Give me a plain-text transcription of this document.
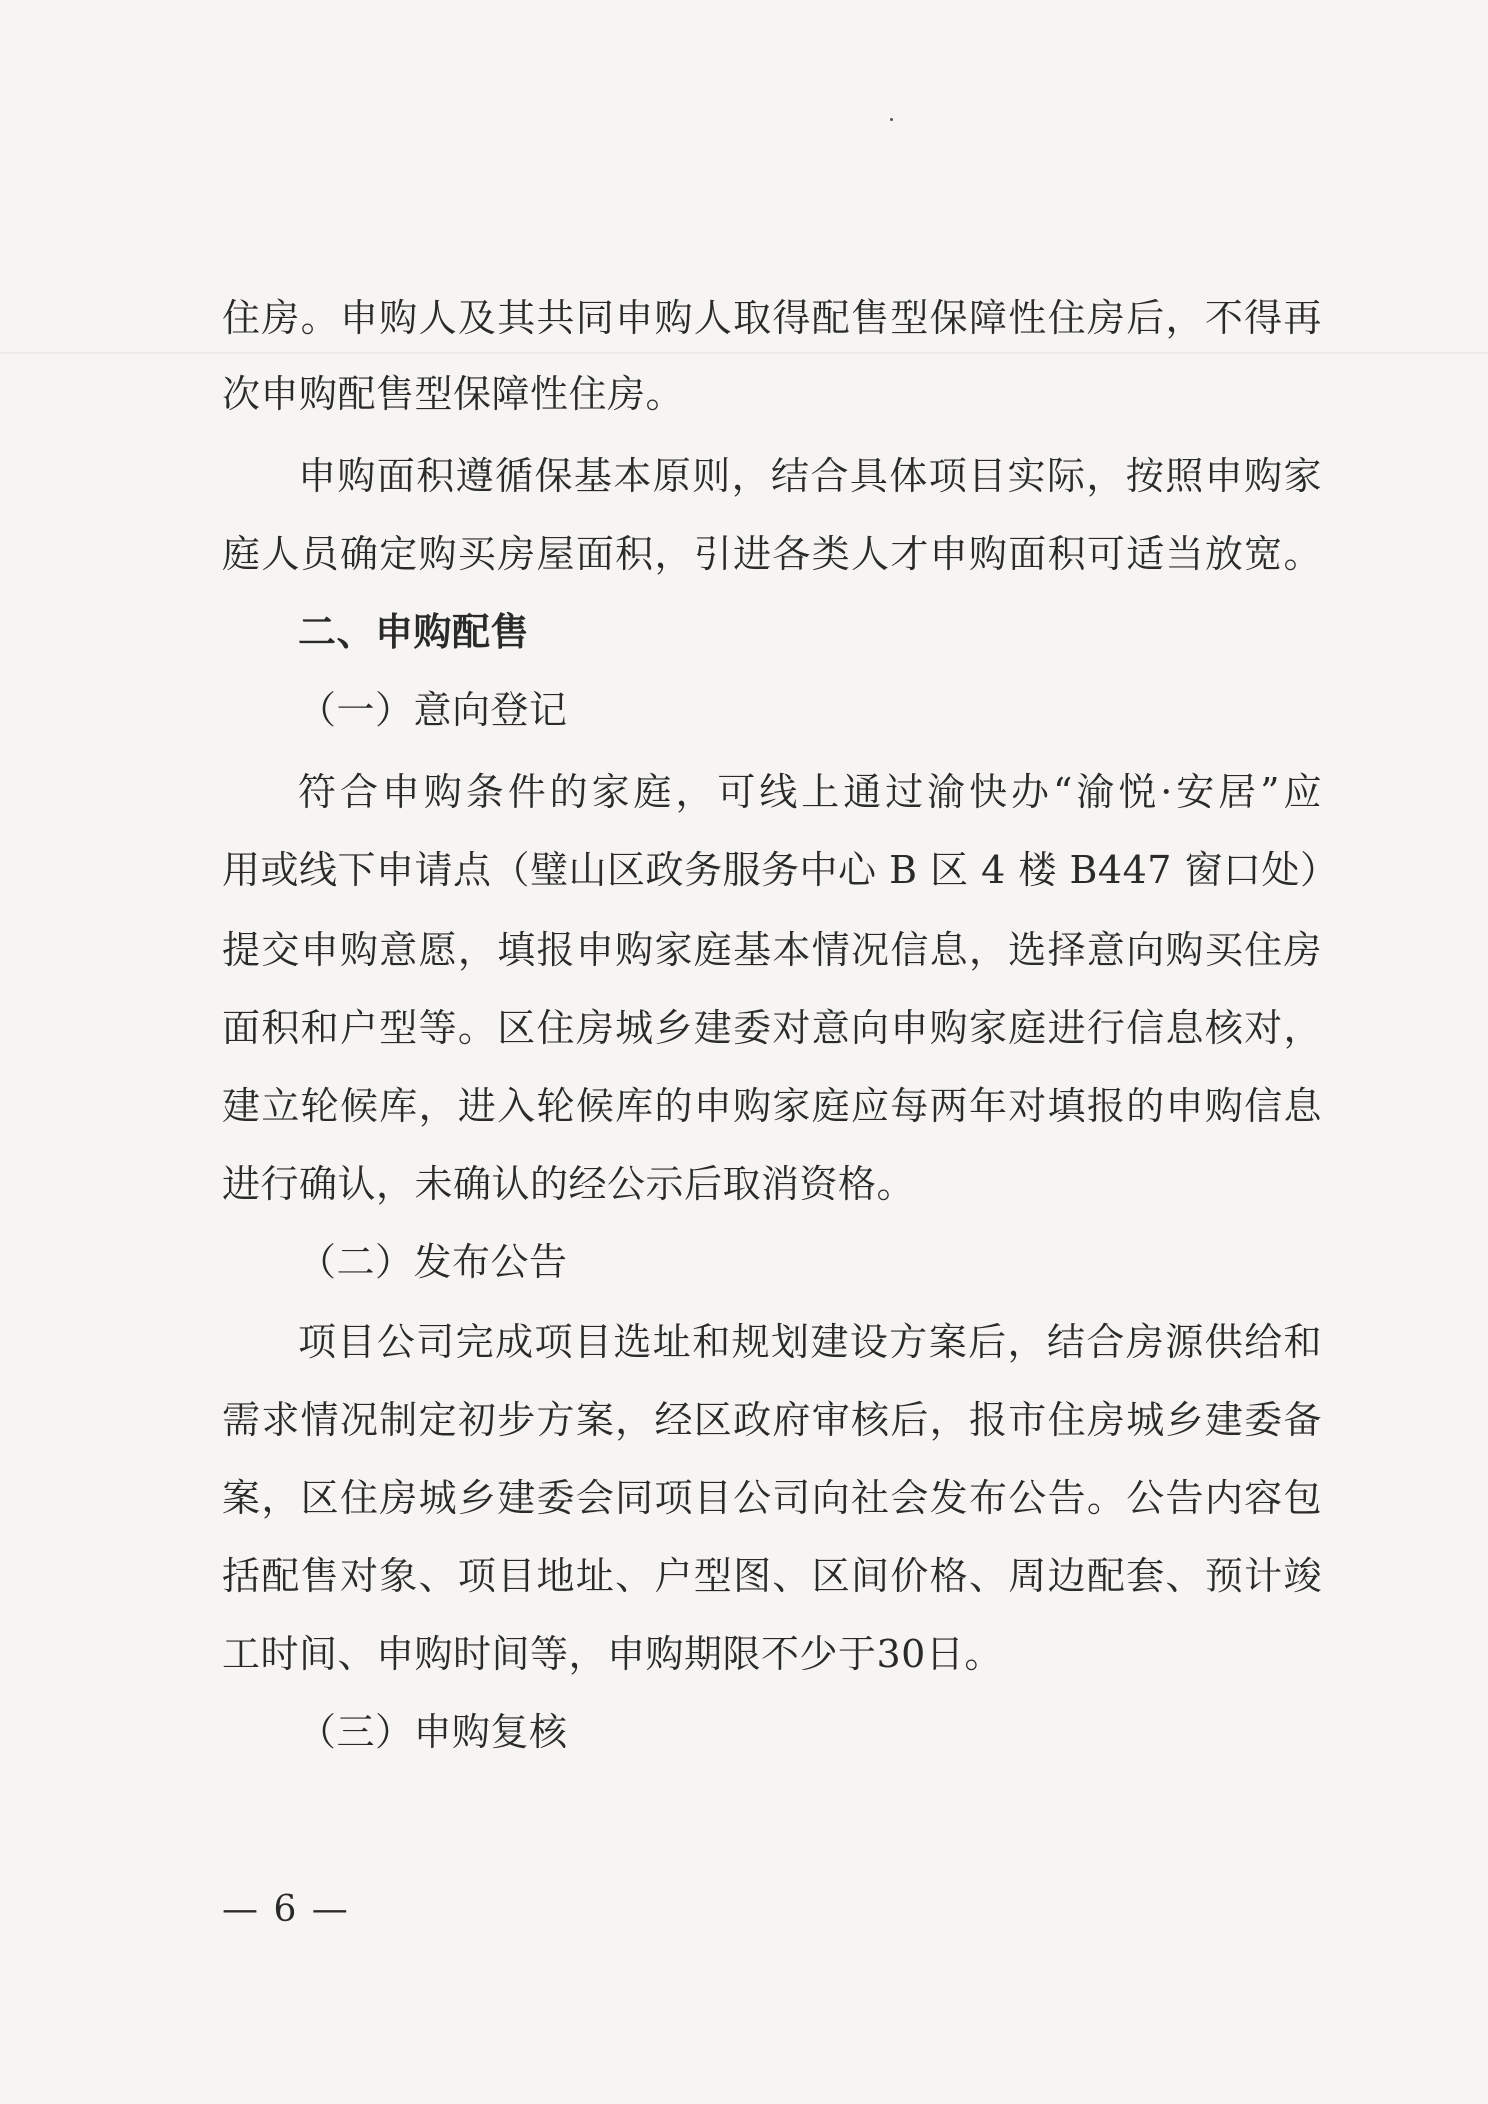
住房。申购人及其共同申购人取得配售型保障性住房后，不得再
次申购配售型保障性住房。
申购面积遵循保基本原则，结合具体项目实际，按照申购家
庭人员确定购买房屋面积，引进各类人才申购面积可适当放宽。
二、申购配售
（一）意向登记
符合申购条件的家庭，可线上通过渝快办“渝悦·安居”应
用或线下申请点（璧山区政务服务中心 B 区 4 楼 B447 窗口处）
提交申购意愿，填报申购家庭基本情况信息，选择意向购买住房
面积和户型等。区住房城乡建委对意向申购家庭进行信息核对，
建立轮候库，进入轮候库的申购家庭应每两年对填报的申购信息
进行确认，未确认的经公示后取消资格。
（二）发布公告
项目公司完成项目选址和规划建设方案后，结合房源供给和
需求情况制定初步方案，经区政府审核后，报市住房城乡建委备
案，区住房城乡建委会同项目公司向社会发布公告。公告内容包
括配售对象、项目地址、户型图、区间价格、周边配套、预计竣
工时间、申购时间等，申购期限不少于30日。
（三）申购复核
— 6 —
